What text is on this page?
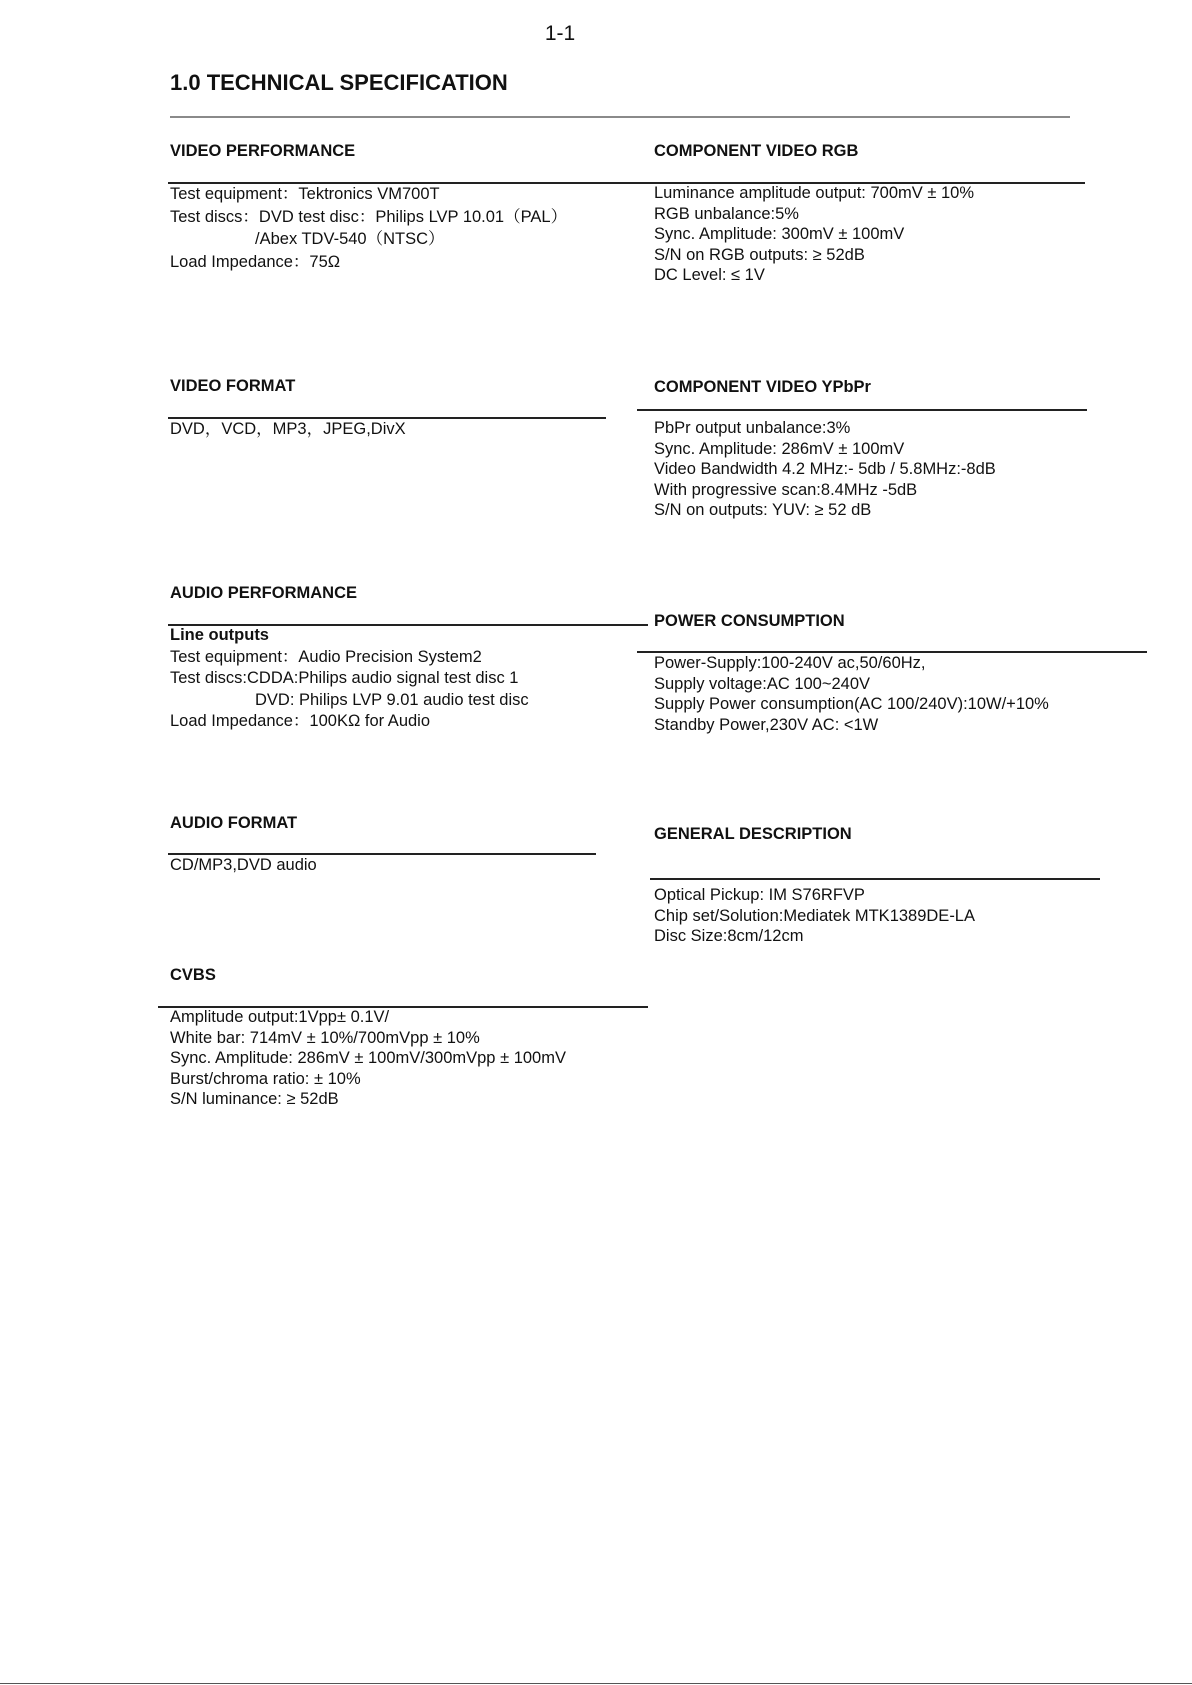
1-1
1.0 TECHNICAL SPECIFICATION
VIDEO PERFORMANCE
Test equipment：Tektronics VM700T
Test discs：DVD test disc：Philips LVP 10.01（PAL）
/Abex TDV-540（NTSC）
Load Impedance：75Ω
COMPONENT VIDEO RGB
Luminance amplitude output: 700mV ± 10%
RGB unbalance:5%
Sync. Amplitude: 300mV ± 100mV
S/N on RGB outputs: ≥ 52dB
DC Level: ≤ 1V
VIDEO FORMAT
DVD，VCD，MP3，JPEG,DivX
COMPONENT VIDEO YPbPr
PbPr output unbalance:3%
Sync. Amplitude: 286mV ± 100mV
Video Bandwidth 4.2 MHz:- 5db / 5.8MHz:-8dB
With progressive scan:8.4MHz -5dB
S/N on outputs: YUV: ≥ 52 dB
AUDIO PERFORMANCE
Line outputs
Test equipment：Audio Precision System2
Test discs:CDDA:Philips audio signal test disc 1
DVD: Philips LVP 9.01 audio test disc
Load Impedance：100KΩ for Audio
POWER CONSUMPTION
Power-Supply:100-240V ac,50/60Hz,
Supply voltage:AC 100~240V
Supply Power consumption(AC 100/240V):10W/+10%
Standby Power,230V AC: <1W
AUDIO FORMAT
CD/MP3,DVD audio
GENERAL DESCRIPTION
Optical Pickup: IM S76RFVP
Chip set/Solution:Mediatek MTK1389DE-LA
Disc Size:8cm/12cm
CVBS
Amplitude output:1Vpp± 0.1V/
White bar: 714mV ± 10%/700mVpp ± 10%
Sync. Amplitude: 286mV ± 100mV/300mVpp ± 100mV
Burst/chroma ratio: ± 10%
S/N luminance: ≥ 52dB
